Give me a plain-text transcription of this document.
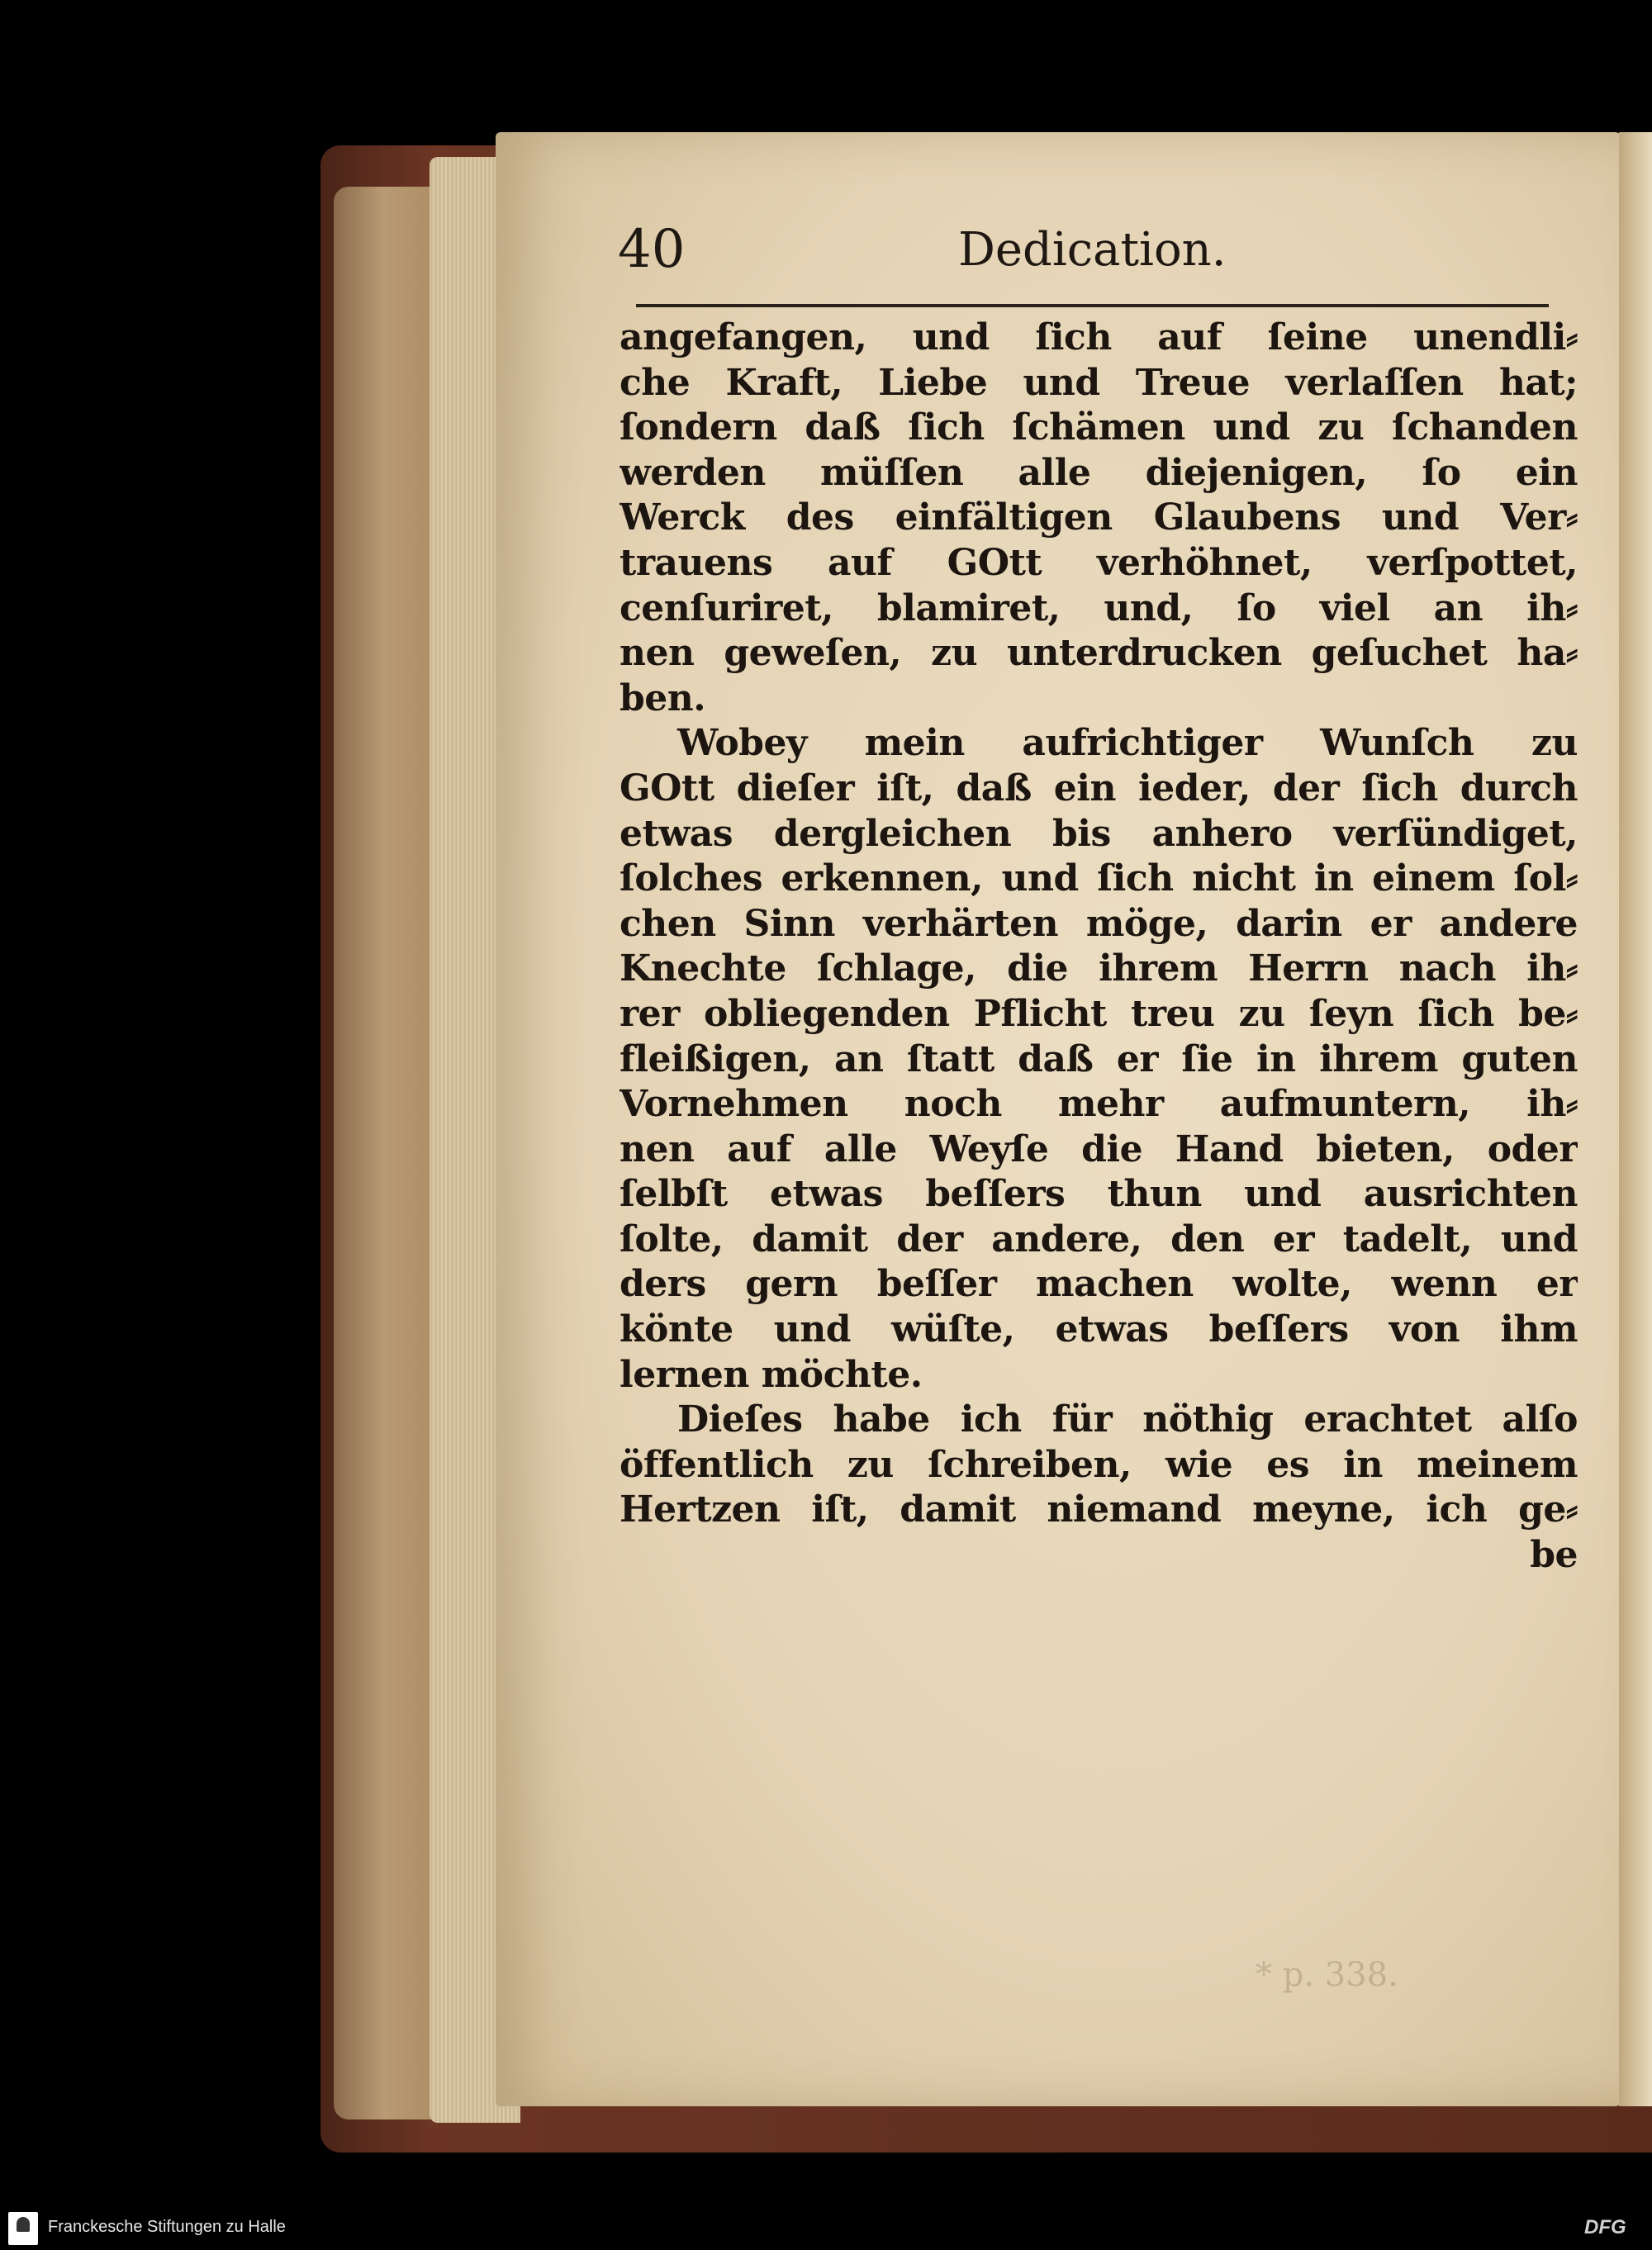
40	Dedication.
angefangen, und ſich auf ſeine unendli⸗
che Kraft, Liebe und Treue verlaſſen hat;
ſondern daß ſich ſchämen und zu ſchanden
werden müſſen alle diejenigen, ſo ein
Werck des einfältigen Glaubens und Ver⸗
trauens auf GOtt verhöhnet, verſpottet,
cenſuriret, blamiret, und, ſo viel an ih⸗
nen geweſen, zu unterdrucken geſuchet ha⸗
ben.
Wobey mein aufrichtiger Wunſch zu
GOtt dieſer iſt, daß ein ieder, der ſich durch
etwas dergleichen bis anhero verſündiget,
ſolches erkennen, und ſich nicht in einem ſol⸗
chen Sinn verhärten möge, darin er andere
Knechte ſchlage, die ihrem Herrn nach ih⸗
rer obliegenden Pflicht treu zu ſeyn ſich be⸗
fleißigen, an ſtatt daß er ſie in ihrem guten
Vornehmen noch mehr aufmuntern, ih⸗
nen auf alle Weyſe die Hand bieten, oder
ſelbſt etwas beſſers thun und ausrichten
ſolte, damit der andere, den er tadelt, und
ders gern beſſer machen wolte, wenn er
könte und wüſte, etwas beſſers von ihm
lernen möchte.
Dieſes habe ich für nöthig erachtet alſo
öffentlich zu ſchreiben, wie es in meinem
Hertzen iſt, damit niemand meyne, ich ge⸗
be
* p. 338.
Franckesche Stiftungen zu Halle	DFG
